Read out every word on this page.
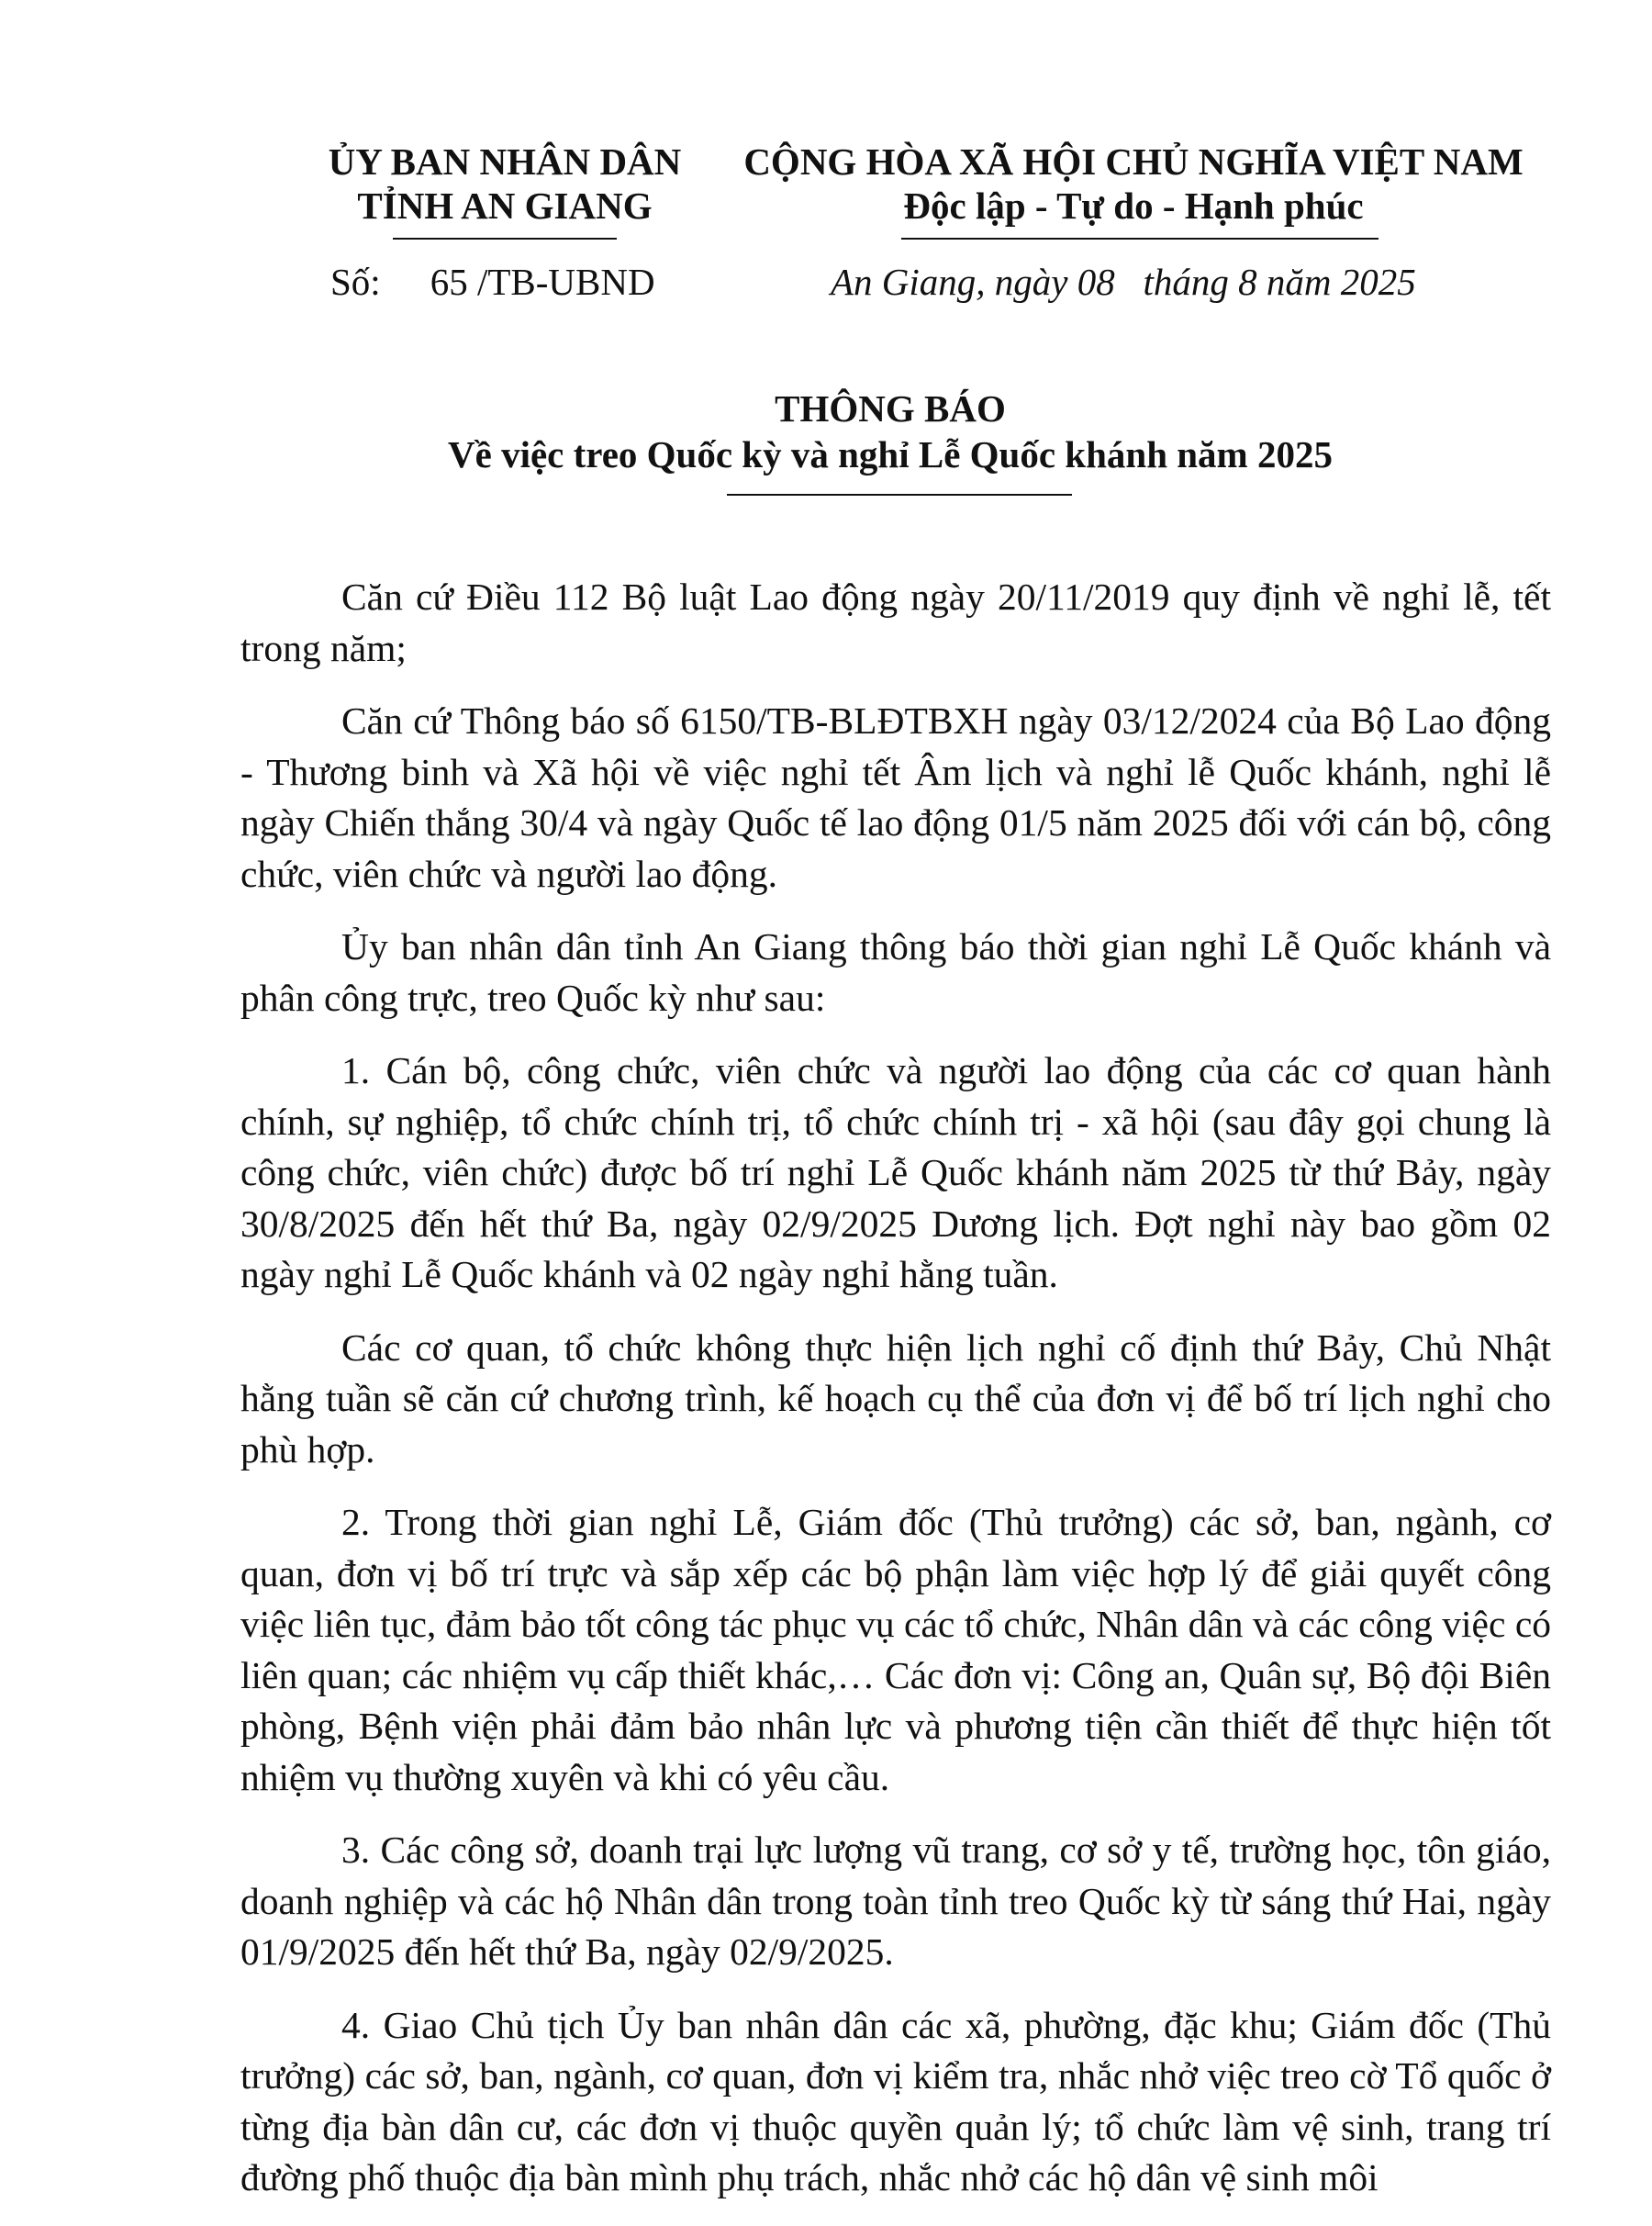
ỦY BAN NHÂN DÂN
TỈNH AN GIANG
CỘNG HÒA XÃ HỘI CHỦ NGHĨA VIỆT NAM
Độc lập - Tự do - Hạnh phúc
Số: 65 /TB-UBND	An Giang, ngày 08   tháng 8 năm 2025
THÔNG BÁO
Về việc treo Quốc kỳ và nghỉ Lễ Quốc khánh năm 2025

Căn cứ Điều 112 Bộ luật Lao động ngày 20/11/2019 quy định về nghỉ lễ, tết trong năm;

Căn cứ Thông báo số 6150/TB-BLĐTBXH ngày 03/12/2024 của Bộ Lao động - Thương binh và Xã hội về việc nghỉ tết Âm lịch và nghỉ lễ Quốc khánh, nghỉ lễ ngày Chiến thắng 30/4 và ngày Quốc tế lao động 01/5 năm 2025 đối với cán bộ, công chức, viên chức và người lao động.

Ủy ban nhân dân tỉnh An Giang thông báo thời gian nghỉ Lễ Quốc khánh và phân công trực, treo Quốc kỳ như sau:

1. Cán bộ, công chức, viên chức và người lao động của các cơ quan hành chính, sự nghiệp, tổ chức chính trị, tổ chức chính trị - xã hội (sau đây gọi chung là công chức, viên chức) được bố trí nghỉ Lễ Quốc khánh năm 2025 từ thứ Bảy, ngày 30/8/2025 đến hết thứ Ba, ngày 02/9/2025 Dương lịch. Đợt nghỉ này bao gồm 02 ngày nghỉ Lễ Quốc khánh và 02 ngày nghỉ hằng tuần.

Các cơ quan, tổ chức không thực hiện lịch nghỉ cố định thứ Bảy, Chủ Nhật hằng tuần sẽ căn cứ chương trình, kế hoạch cụ thể của đơn vị để bố trí lịch nghỉ cho phù hợp.

2. Trong thời gian nghỉ Lễ, Giám đốc (Thủ trưởng) các sở, ban, ngành, cơ quan, đơn vị bố trí trực và sắp xếp các bộ phận làm việc hợp lý để giải quyết công việc liên tục, đảm bảo tốt công tác phục vụ các tổ chức, Nhân dân và các công việc có liên quan; các nhiệm vụ cấp thiết khác,… Các đơn vị: Công an, Quân sự, Bộ đội Biên phòng, Bệnh viện phải đảm bảo nhân lực và phương tiện cần thiết để thực hiện tốt nhiệm vụ thường xuyên và khi có yêu cầu.

3. Các công sở, doanh trại lực lượng vũ trang, cơ sở y tế, trường học, tôn giáo, doanh nghiệp và các hộ Nhân dân trong toàn tỉnh treo Quốc kỳ từ sáng thứ Hai, ngày 01/9/2025 đến hết thứ Ba, ngày 02/9/2025.

4. Giao Chủ tịch Ủy ban nhân dân các xã, phường, đặc khu; Giám đốc (Thủ trưởng) các sở, ban, ngành, cơ quan, đơn vị kiểm tra, nhắc nhở việc treo cờ Tổ quốc ở từng địa bàn dân cư, các đơn vị thuộc quyền quản lý; tổ chức làm vệ sinh, trang trí đường phố thuộc địa bàn mình phụ trách, nhắc nhở các hộ dân vệ sinh môi
